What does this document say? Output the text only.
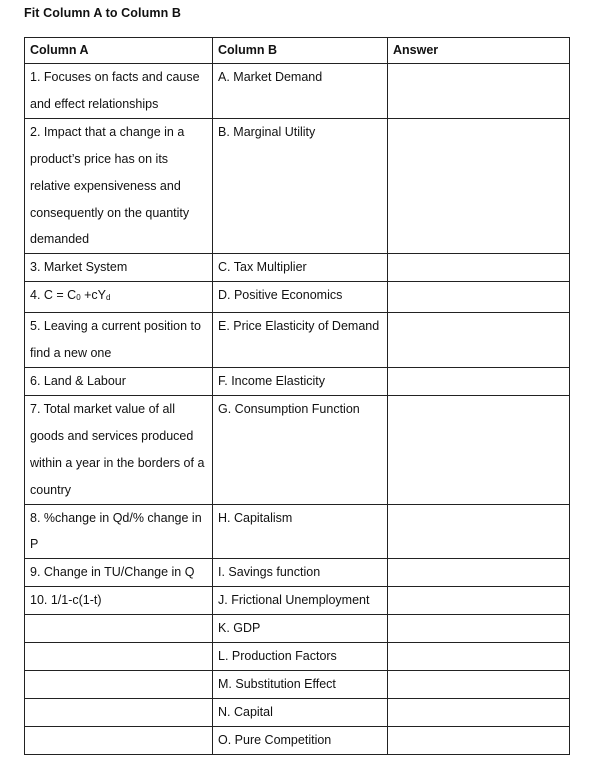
Fit Column A to Column B
Column A	Column B	Answer
1. Focuses on facts and cause and effect relationships	A. Market Demand	
2. Impact that a change in a product’s price has on its relative expensiveness and consequently on the quantity demanded	B. Marginal Utility	
3. Market System	C. Tax Multiplier	
4. C = C0 +cYd	D. Positive Economics	
5. Leaving a current position to find a new one	E. Price Elasticity of Demand	
6. Land & Labour	F. Income Elasticity	
7. Total market value of all goods and services produced within a year in the borders of a country	G. Consumption Function	
8. %change in Qd/% change in P	H. Capitalism	
9. Change in TU/Change in Q	I. Savings function	
10. 1/1-c(1-t)	J. Frictional Unemployment	
	K. GDP	
	L. Production Factors	
	M. Substitution Effect	
	N. Capital	
	O. Pure Competition	
